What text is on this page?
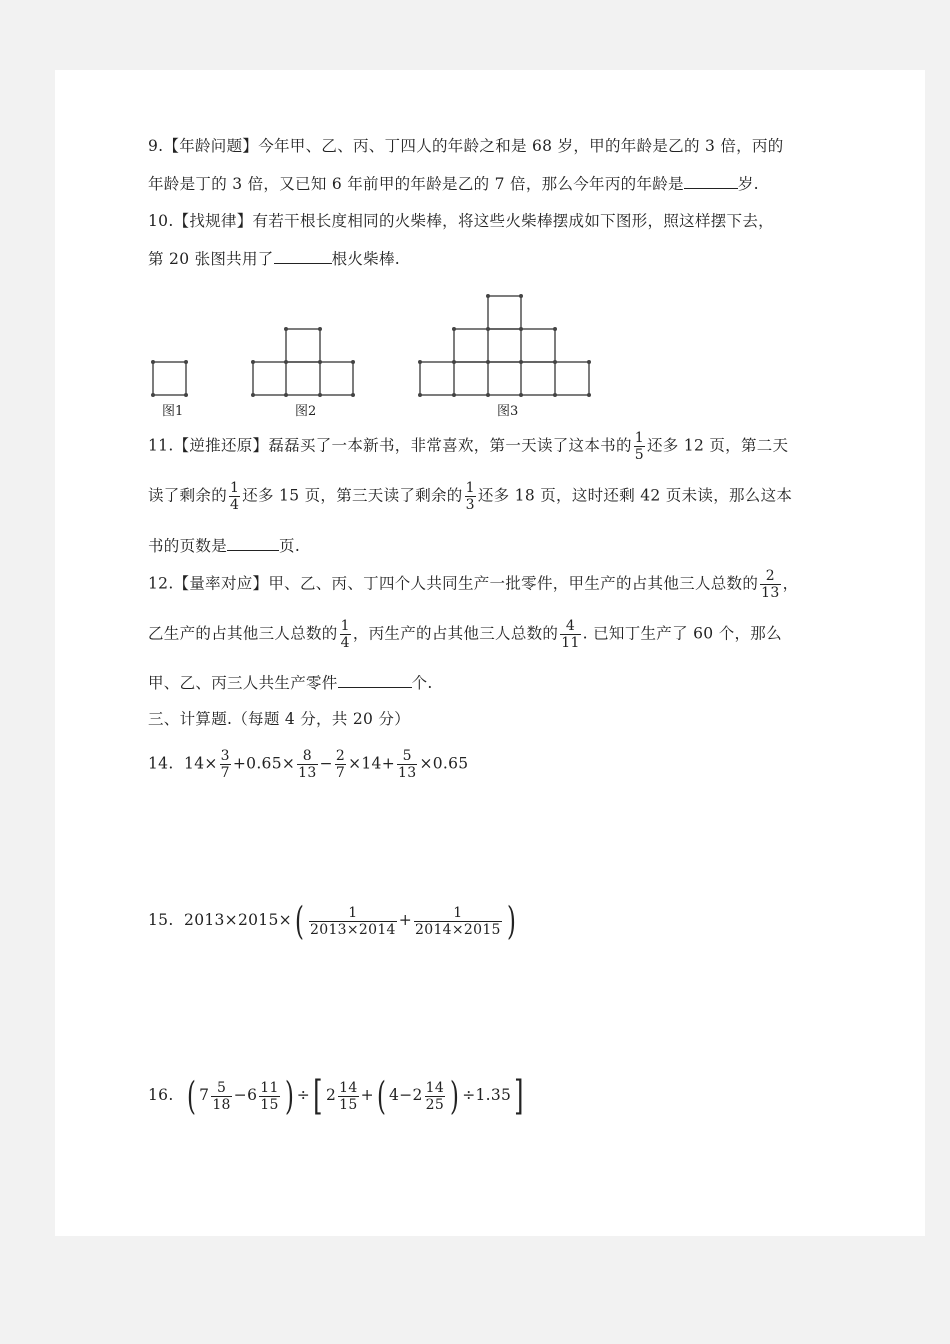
9.【年龄问题】今年甲、乙、丙、丁四人的年龄之和是 68 岁，甲的年龄是乙的 3 倍，丙的
年龄是丁的 3 倍，又已知 6 年前甲的年龄是乙的 7 倍，那么今年丙的年龄是	岁.
10.【找规律】有若干根长度相同的火柴棒，将这些火柴棒摆成如下图形，照这样摆下去，
第 20 张图共用了	根火柴棒.
图1	图2	图3
11.【逆推还原】磊磊买了一本新书，非常喜欢，第一天读了这本书的 $\frac{1}{5}$ 还多 12 页，第二天
读了剩余的 $\frac{1}{4}$ 还多 15 页，第三天读了剩余的 $\frac{1}{3}$ 还多 18 页，这时还剩 42 页未读，那么这本
书的页数是	页.
12.【量率对应】甲、乙、丙、丁四个人共同生产一批零件，甲生产的占其他三人总数的 $\frac{2}{13}$ ，
乙生产的占其他三人总数的 $\frac{1}{4}$ ，丙生产的占其他三人总数的 $\frac{4}{11}$ . 已知丁生产了 60 个，那么
甲、乙、丙三人共生产零件	个.
三、计算题.（每题 4 分，共 20 分）
14. $14\times \frac{3}{7} +0.65\times \frac{8}{13} - \frac{2}{7} \times 14+ \frac{5}{13} \times 0.65$
15. $2013\times 2015\times( \frac{1}{2013\times 2014} + \frac{1}{2014\times 2015}$ )
16. ( $7 \frac{5}{18} -6 \frac{11}{15}$ ) ÷[ $2 \frac{14}{15}$ +( $4-2 \frac{14}{25}$ ) ÷1.35]
